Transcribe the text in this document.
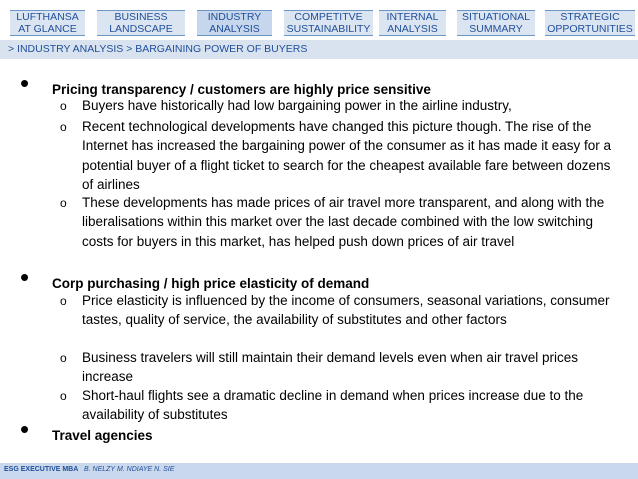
LUFTHANSA
AT GLANCE
BUSINESS
LANDSCAPE
INDUSTRY
ANALYSIS
COMPETITVE
SUSTAINABILITY
INTERNAL
ANALYSIS
SITUATIONAL
SUMMARY
STRATEGIC
OPPORTUNITIES
> INDUSTRY ANALYSIS > BARGAINING POWER OF BUYERS
• Pricing transparency / customers are highly price sensitive
o Buyers have historically had low bargaining power in the airline industry,
o Recent technological developments have changed this picture though. The rise of the Internet has increased the bargaining power of the consumer as it has made it easy for a potential buyer of a flight ticket to search for the cheapest available fare between dozens of airlines
o These developments has made prices of air travel more transparent, and along with the liberalisations within this market over the last decade combined with the low switching costs for buyers in this market, has helped push down prices of air travel
• Corp purchasing / high price elasticity of demand
o Price elasticity is influenced by the income of consumers, seasonal variations, consumer tastes, quality of service, the availability of substitutes and other factors
o Business travelers will still maintain their demand levels even when air travel prices increase
o Short-haul flights see a dramatic decline in demand when prices increase due to the availability of substitutes
• Travel agencies
ESG EXECUTIVE MBA B. NELZY M. NDIAYE N. SIE
